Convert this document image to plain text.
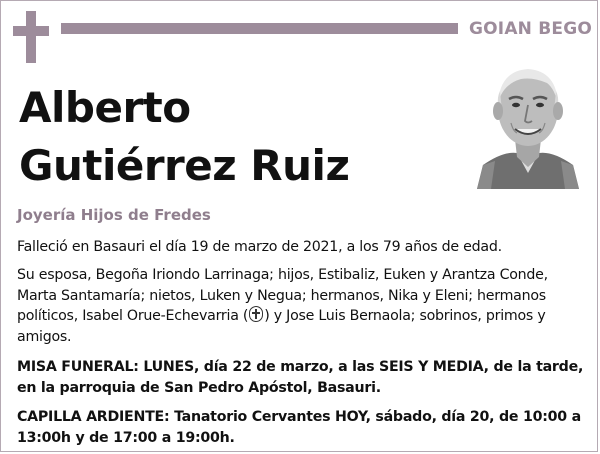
GOIAN BEGO
Alberto
Gutiérrez Ruiz
Joyería Hijos de Fredes

Falleció en Basauri el día 19 de marzo de 2021, a los 79 años de edad.

Su esposa, Begoña Iriondo Larrinaga; hijos, Estibaliz, Euken y Arantza Conde, Marta Santamaría; nietos, Luken y Negua; hermanos, Nika y Eleni; hermanos políticos, Isabel Orue-Echevarria ( ) y Jose Luis Bernaola; sobrinos, primos y amigos.

MISA FUNERAL: LUNES, día 22 de marzo, a las SEIS Y MEDIA, de la tarde, en la parroquia de San Pedro Apóstol, Basauri.

CAPILLA ARDIENTE: Tanatorio Cervantes HOY, sábado, día 20, de 10:00 a 13:00h y de 17:00 a 19:00h.
